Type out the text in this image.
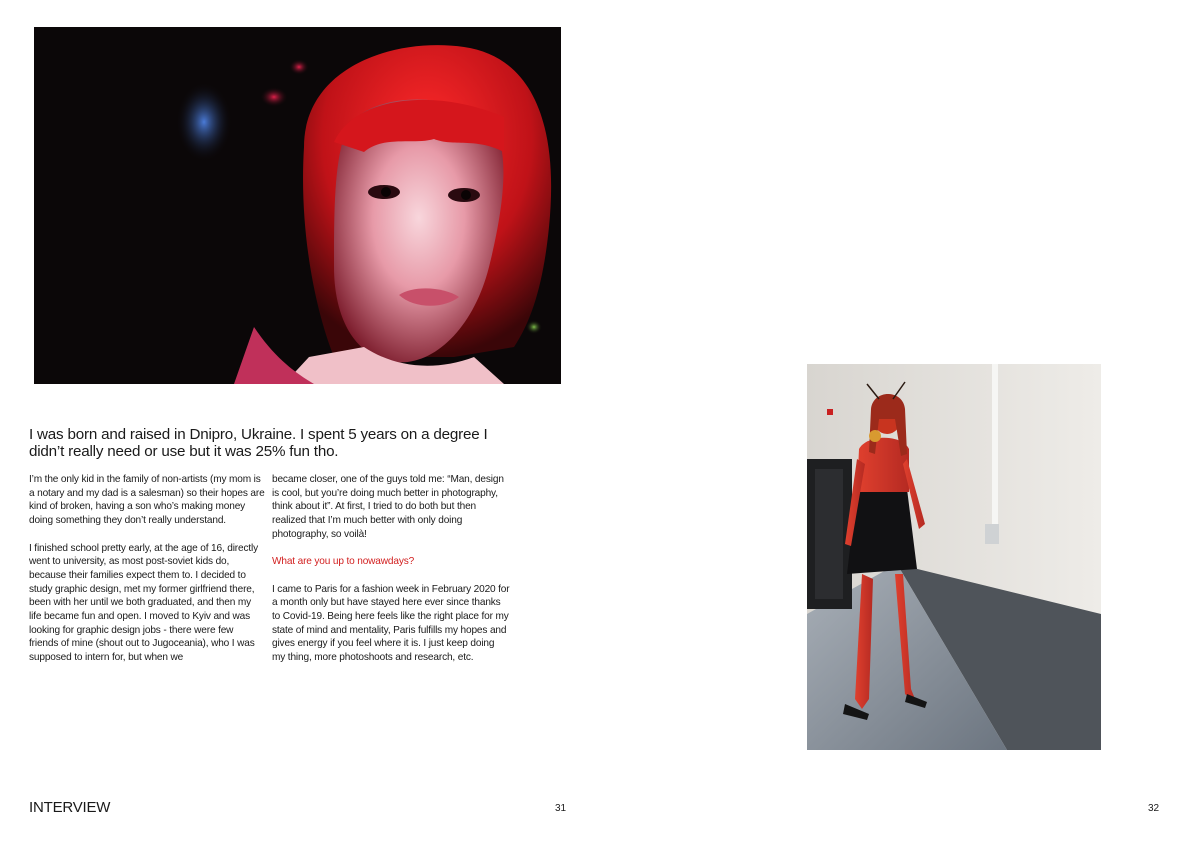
I was born and raised in Dnipro, Ukraine. I spent 5 years on a degree I didn’t really need or use but it was 25% fun tho.

I’m the only kid in the family of non-artists (my mom is a notary and my dad is a salesman) so their hopes are kind of broken, having a son who’s making money doing something they don’t really understand.

I finished school pretty early, at the age of 16, directly went to university, as most post-soviet kids do, because their families expect them to. I decided to study graphic design, met my former girlfriend there, been with her until we both graduated, and then my life became fun and open. I moved to Kyiv and was looking for graphic design jobs - there were few friends of mine (shout out to Jugoceania), who I was supposed to intern for, but when we

became closer, one of the guys told me: “Man, design is cool, but you’re doing much better in photography, think about it”. At first, I tried to do both but then realized that I’m much better with only doing photography, so voilà!

What are you up to nowawdays?

I came to Paris for a fashion week in February 2020 for a month only but have stayed here ever since thanks to Covid-19. Being here feels like the right place for my state of mind and mentality, Paris fulfills my hopes and gives energy if you feel where it is. I just keep doing my thing, more photoshoots and research, etc.

INTERVIEW	31	32
